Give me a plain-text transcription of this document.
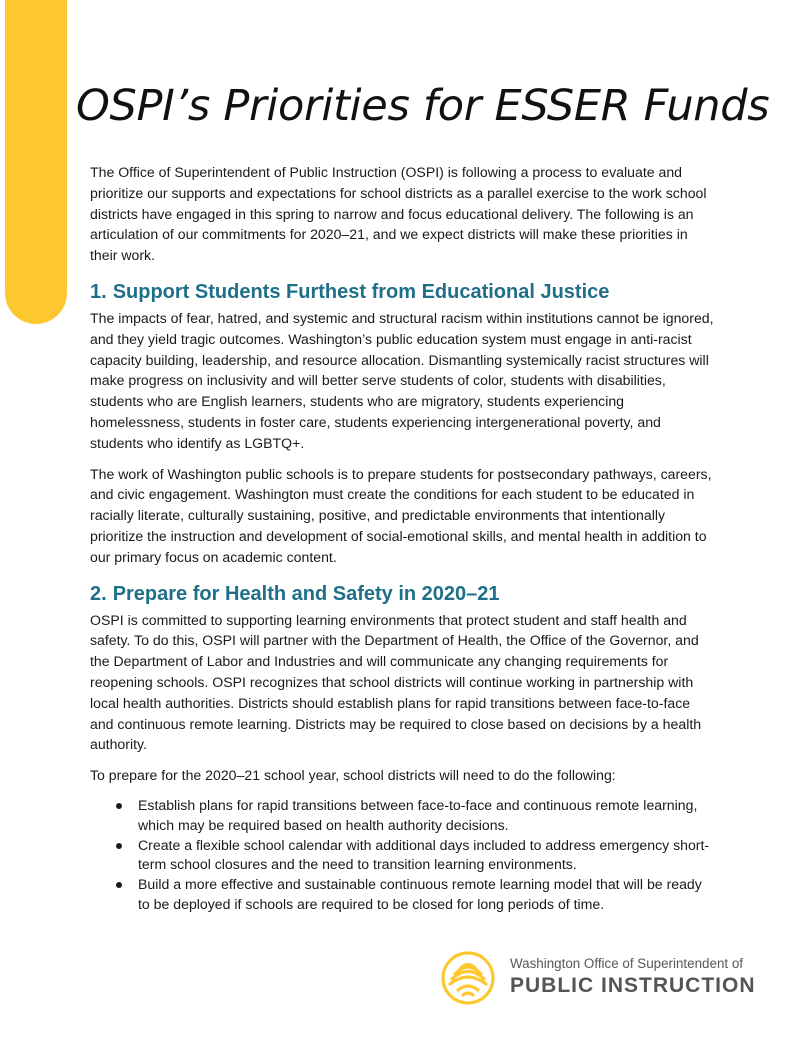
OSPI’s Priorities for ESSER Funds

The Office of Superintendent of Public Instruction (OSPI) is following a process to evaluate and prioritize our supports and expectations for school districts as a parallel exercise to the work school districts have engaged in this spring to narrow and focus educational delivery. The following is an articulation of our commitments for 2020–21, and we expect districts will make these priorities in their work.

1. Support Students Furthest from Educational Justice

The impacts of fear, hatred, and systemic and structural racism within institutions cannot be ignored, and they yield tragic outcomes. Washington’s public education system must engage in anti-racist capacity building, leadership, and resource allocation. Dismantling systemically racist structures will make progress on inclusivity and will better serve students of color, students with disabilities, students who are English learners, students who are migratory, students experiencing homelessness, students in foster care, students experiencing intergenerational poverty, and students who identify as LGBTQ+.

The work of Washington public schools is to prepare students for postsecondary pathways, careers, and civic engagement. Washington must create the conditions for each student to be educated in racially literate, culturally sustaining, positive, and predictable environments that intentionally prioritize the instruction and development of social-emotional skills, and mental health in addition to our primary focus on academic content.

2. Prepare for Health and Safety in 2020–21

OSPI is committed to supporting learning environments that protect student and staff health and safety. To do this, OSPI will partner with the Department of Health, the Office of the Governor, and the Department of Labor and Industries and will communicate any changing requirements for reopening schools. OSPI recognizes that school districts will continue working in partnership with local health authorities. Districts should establish plans for rapid transitions between face-to-face and continuous remote learning. Districts may be required to close based on decisions by a health authority.

To prepare for the 2020–21 school year, school districts will need to do the following:

Establish plans for rapid transitions between face-to-face and continuous remote learning, which may be required based on health authority decisions.
Create a flexible school calendar with additional days included to address emergency short-term school closures and the need to transition learning environments.
Build a more effective and sustainable continuous remote learning model that will be ready to be deployed if schools are required to be closed for long periods of time.
Washington Office of Superintendent of
PUBLIC INSTRUCTION
